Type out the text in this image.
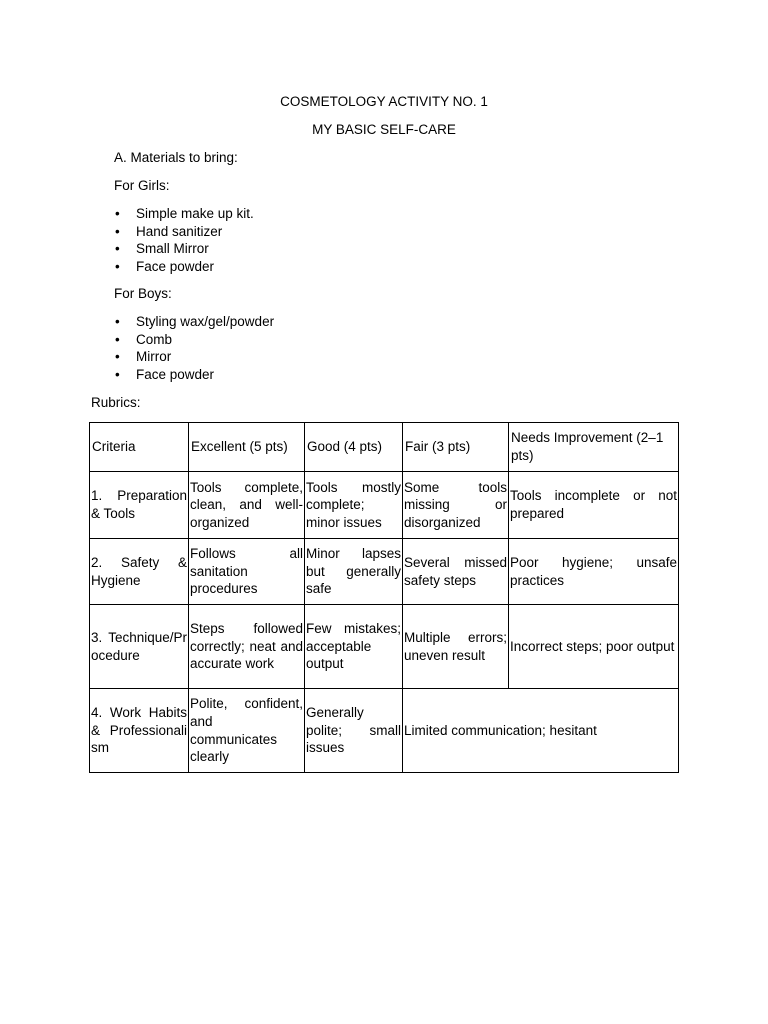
COSMETOLOGY ACTIVITY NO. 1
MY BASIC SELF-CARE
A. Materials to bring:
For Girls:
• Simple make up kit.
• Hand sanitizer
• Small Mirror
• Face powder
For Boys:
• Styling wax/gel/powder
• Comb
• Mirror
• Face powder
Rubrics:
Criteria	Excellent (5 pts)	Good (4 pts)	Fair (3 pts)	Needs Improvement (2–1 pts)
1. Preparation & Tools	Tools complete, clean, and well-organized	Tools mostly complete; minor issues	Some tools missing or disorganized	Tools incomplete or not prepared
2. Safety & Hygiene	Follows all sanitation procedures	Minor lapses but generally safe	Several missed safety steps	Poor hygiene; unsafe practices
3. Technique/Procedure	Steps followed correctly; neat and accurate work	Few mistakes; acceptable output	Multiple errors; uneven result	Incorrect steps; poor output
4. Work Habits & Professionalism	Polite, confident, and communicates clearly	Generally polite; small issues	Limited communication; hesitant	
